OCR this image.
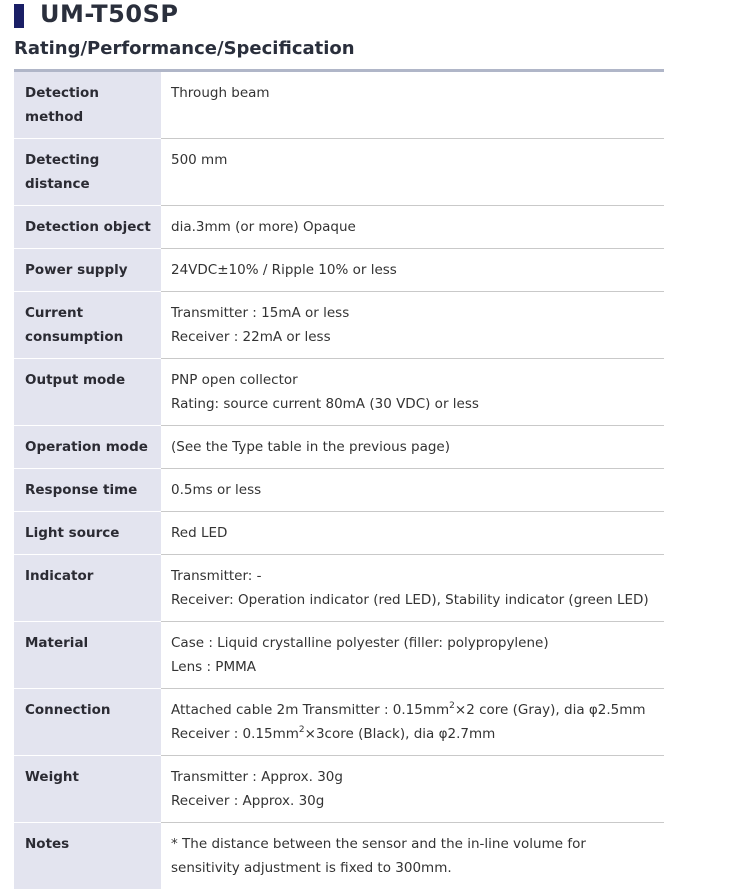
UM-T50SP
Rating/Performance/Specification
Detection method	Through beam
Detecting distance	500 mm
Detection object	dia.3mm (or more) Opaque
Power supply	24VDC±10% / Ripple 10% or less
Current consumption	Transmitter : 15mA or less
Receiver : 22mA or less

Output mode	PNP open collector
Rating: source current 80mA (30 VDC) or less

Operation mode	(See the Type table in the previous page)
Response time	0.5ms or less
Light source	Red LED
Indicator	Transmitter: -
Receiver: Operation indicator (red LED), Stability indicator (green LED)

Material	Case : Liquid crystalline polyester (filler: polypropylene)
Lens : PMMA

Connection	Attached cable 2m Transmitter : $0.15mm^2\times 2$ core (Gray), dia φ2.5mm
Receiver : $0.15mm^2\times 3core$ (Black), dia φ2.7mm

Weight	Transmitter : Approx. 30g
Receiver : Approx. 30g

Notes	* The distance between the sensor and the in-line volume for sensitivity adjustment is fixed to 300mm.
